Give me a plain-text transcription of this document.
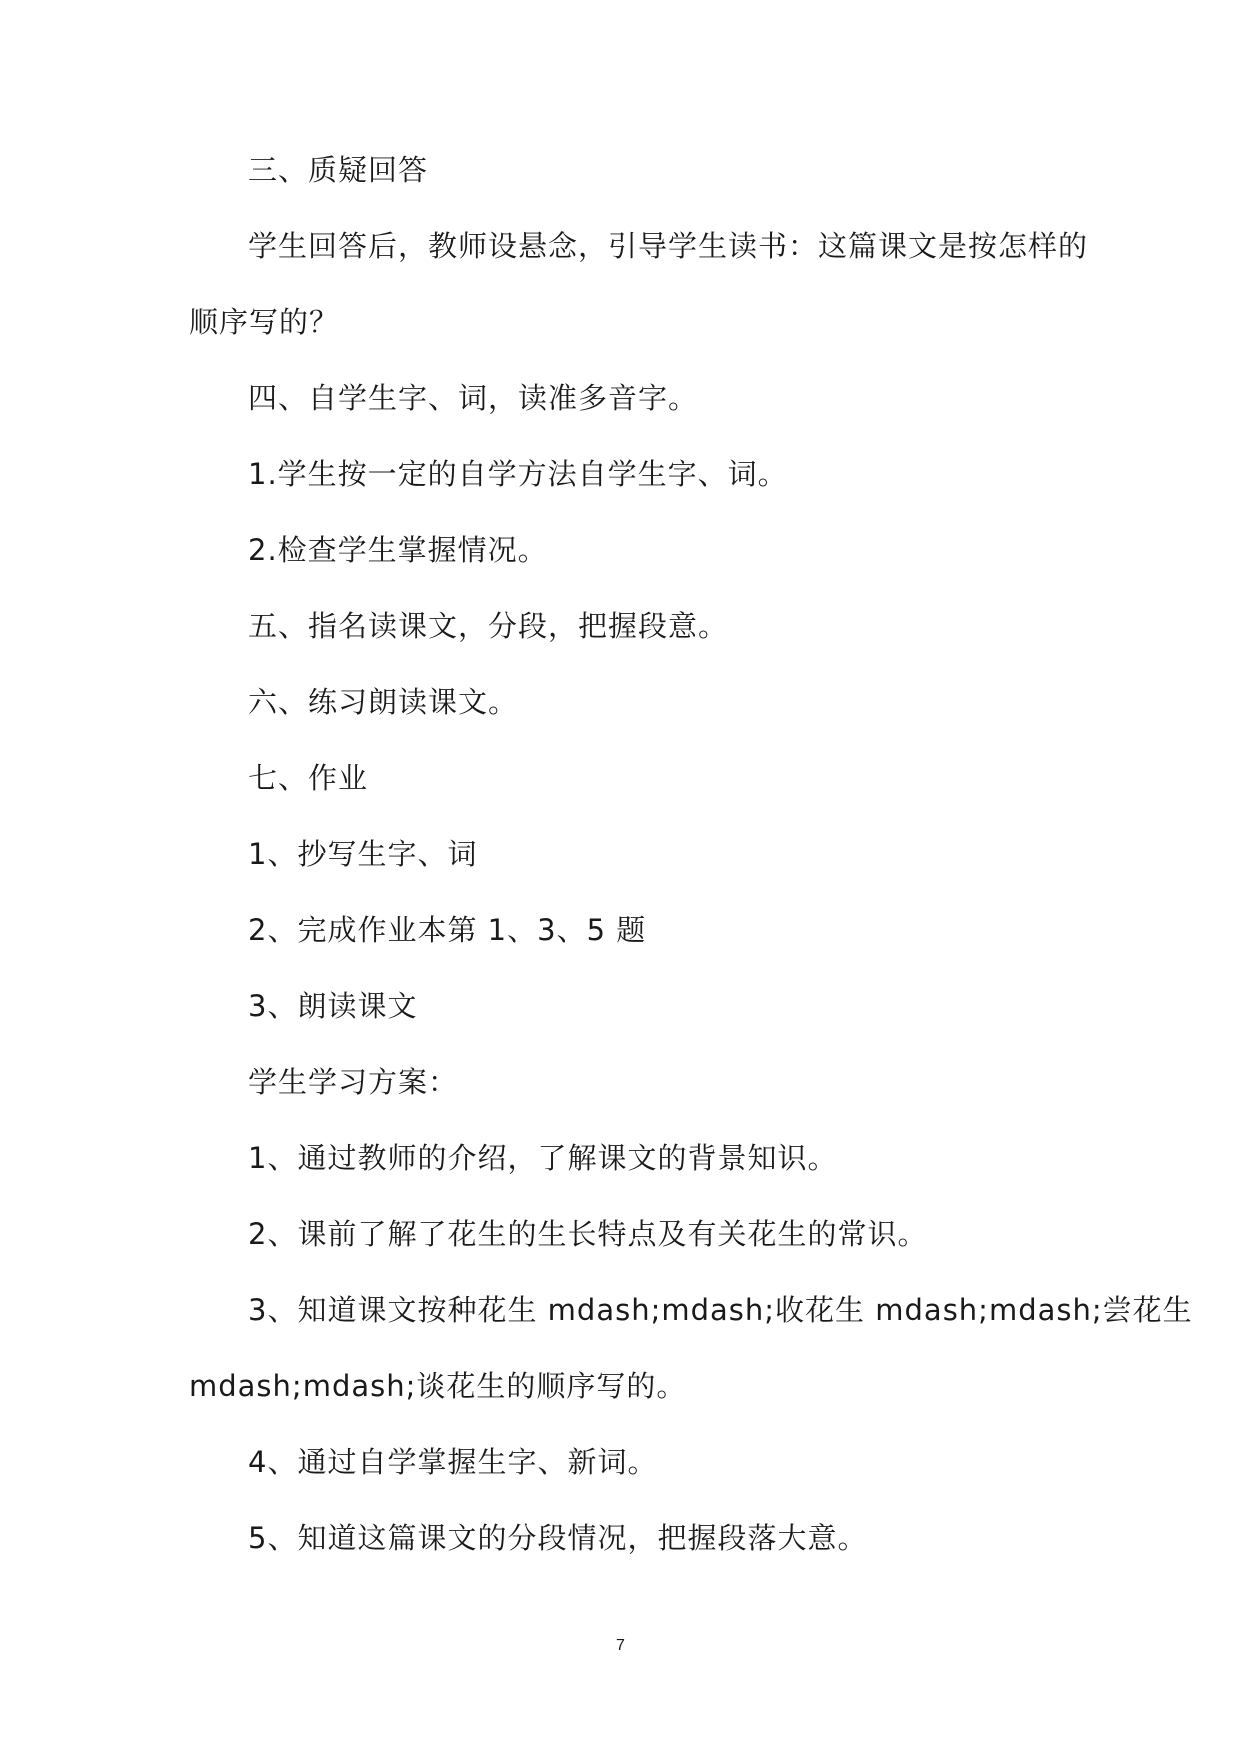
三、质疑回答
学生回答后，教师设悬念，引导学生读书：这篇课文是按怎样的
顺序写的？
四、自学生字、词，读准多音字。
1.学生按一定的自学方法自学生字、词。
2.检查学生掌握情况。
五、指名读课文，分段，把握段意。
六、练习朗读课文。
七、作业
1、抄写生字、词
2、完成作业本第 1、3、5 题
3、朗读课文
学生学习方案：
1、通过教师的介绍，了解课文的背景知识。
2、课前了解了花生的生长特点及有关花生的常识。
3、知道课文按种花生 mdash;mdash;收花生 mdash;mdash;尝花生
mdash;mdash;谈花生的顺序写的。
4、通过自学掌握生字、新词。
5、知道这篇课文的分段情况，把握段落大意。
7
